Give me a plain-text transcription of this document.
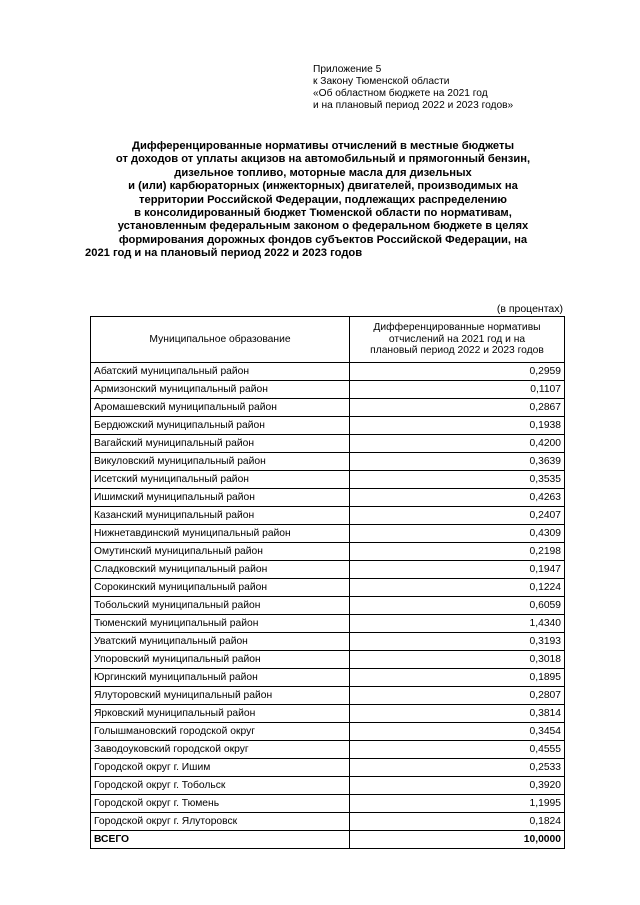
Приложение 5
к Закону Тюменской области
«Об областном бюджете на 2021 год
и на плановый период 2022 и 2023 годов»
Дифференцированные нормативы отчислений в местные бюджеты
от доходов от уплаты акцизов на автомобильный и прямогонный бензин,
дизельное топливо, моторные масла для дизельных
и (или) карбюраторных (инжекторных) двигателей, производимых на
территории Российской Федерации, подлежащих распределению
в консолидированный бюджет Тюменской области по нормативам,
установленным федеральным законом о федеральном бюджете в целях
формирования дорожных фондов субъектов Российской Федерации, на
2021 год и на плановый период 2022 и 2023 годов
(в процентах)
Муниципальное образование	Дифференцированные нормативы
отчислений на 2021 год и на
плановый период 2022 и 2023 годов

Абатский муниципальный район	0,2959
Армизонский муниципальный район	0,1107
Аромашевский муниципальный район	0,2867
Бердюжский муниципальный район	0,1938
Вагайский муниципальный район	0,4200
Викуловский муниципальный район	0,3639
Исетский муниципальный район	0,3535
Ишимский муниципальный район	0,4263
Казанский муниципальный район	0,2407
Нижнетавдинский муниципальный район	0,4309
Омутинский муниципальный район	0,2198
Сладковский муниципальный район	0,1947
Сорокинский муниципальный район	0,1224
Тобольский муниципальный район	0,6059
Тюменский муниципальный район	1,4340
Уватский муниципальный район	0,3193
Упоровский муниципальный район	0,3018
Юргинский муниципальный район	0,1895
Ялуторовский муниципальный район	0,2807
Ярковский муниципальный район	0,3814
Голышмановский городской округ	0,3454
Заводоуковский городской округ	0,4555
Городской округ г. Ишим	0,2533
Городской округ г. Тобольск	0,3920
Городской округ г. Тюмень	1,1995
Городской округ г. Ялуторовск	0,1824
ВСЕГО	10,0000
